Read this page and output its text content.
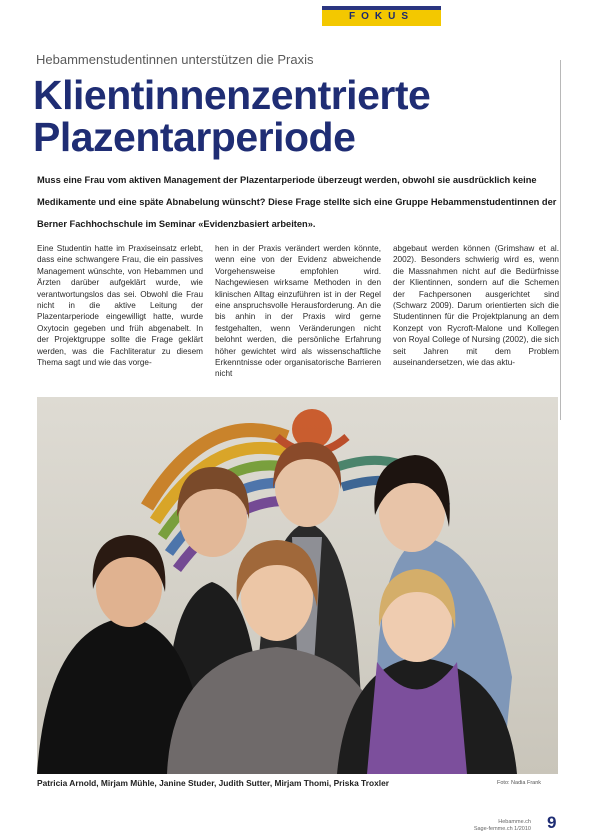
FOKUS
Hebammenstudentinnen unterstützen die Praxis
Klientinnenzentrierte
Plazentarperiode

Muss eine Frau vom aktiven Management der Plazentarperiode überzeugt werden, obwohl sie ausdrücklich keine Medikamente und eine späte Abnabelung wünscht? Diese Frage stellte sich eine Gruppe Hebammenstudentinnen der Berner Fachhochschule im Seminar «Evidenzbasiert arbeiten».

Eine Studentin hatte im Praxiseinsatz erlebt, dass eine schwangere Frau, die ein passives Management wünschte, von Hebammen und Ärzten darüber aufgeklärt wurde, wie verantwortungslos das sei. Obwohl die Frau nicht in die aktive Leitung der Plazentarperiode eingewilligt hatte, wurde Oxytocin gegeben und früh abgenabelt. In der Projektgruppe sollte die Frage geklärt werden, was die Fachliteratur zu diesem Thema sagt und wie das vorge-

hen in der Praxis verändert werden könnte, wenn eine von der Evidenz abweichende Vorgehensweise empfohlen wird. Nachgewiesen wirksame Methoden in den klinischen Alltag einzuführen ist in der Regel eine anspruchsvolle Herausforderung. An die bis anhin in der Praxis wird gerne festgehalten, wenn Veränderungen nicht belohnt werden, die persönliche Erfahrung höher gewichtet wird als wissenschaftliche Erkenntnisse oder organisatorische Barrieren nicht

abgebaut werden können (Grimshaw et al. 2002). Besonders schwierig wird es, wenn die Massnahmen nicht auf die Bedürfnisse der Klientinnen, sondern auf die Schemen der Fachpersonen ausgerichtet sind (Schwarz 2009). Darum orientierten sich die Studentinnen für die Projektplanung an dem Konzept von Rycroft-Malone und Kollegen von Royal College of Nursing (2002), die sich seit Jahren mit dem Problem auseinandersetzen, wie das aktu-

Patricia Arnold, Mirjam Mühle, Janine Studer, Judith Sutter, Mirjam Thomi, Priska Troxler	Foto: Nadia Frank
Hebamme.ch
Sage-femme.ch 1/2010 9
